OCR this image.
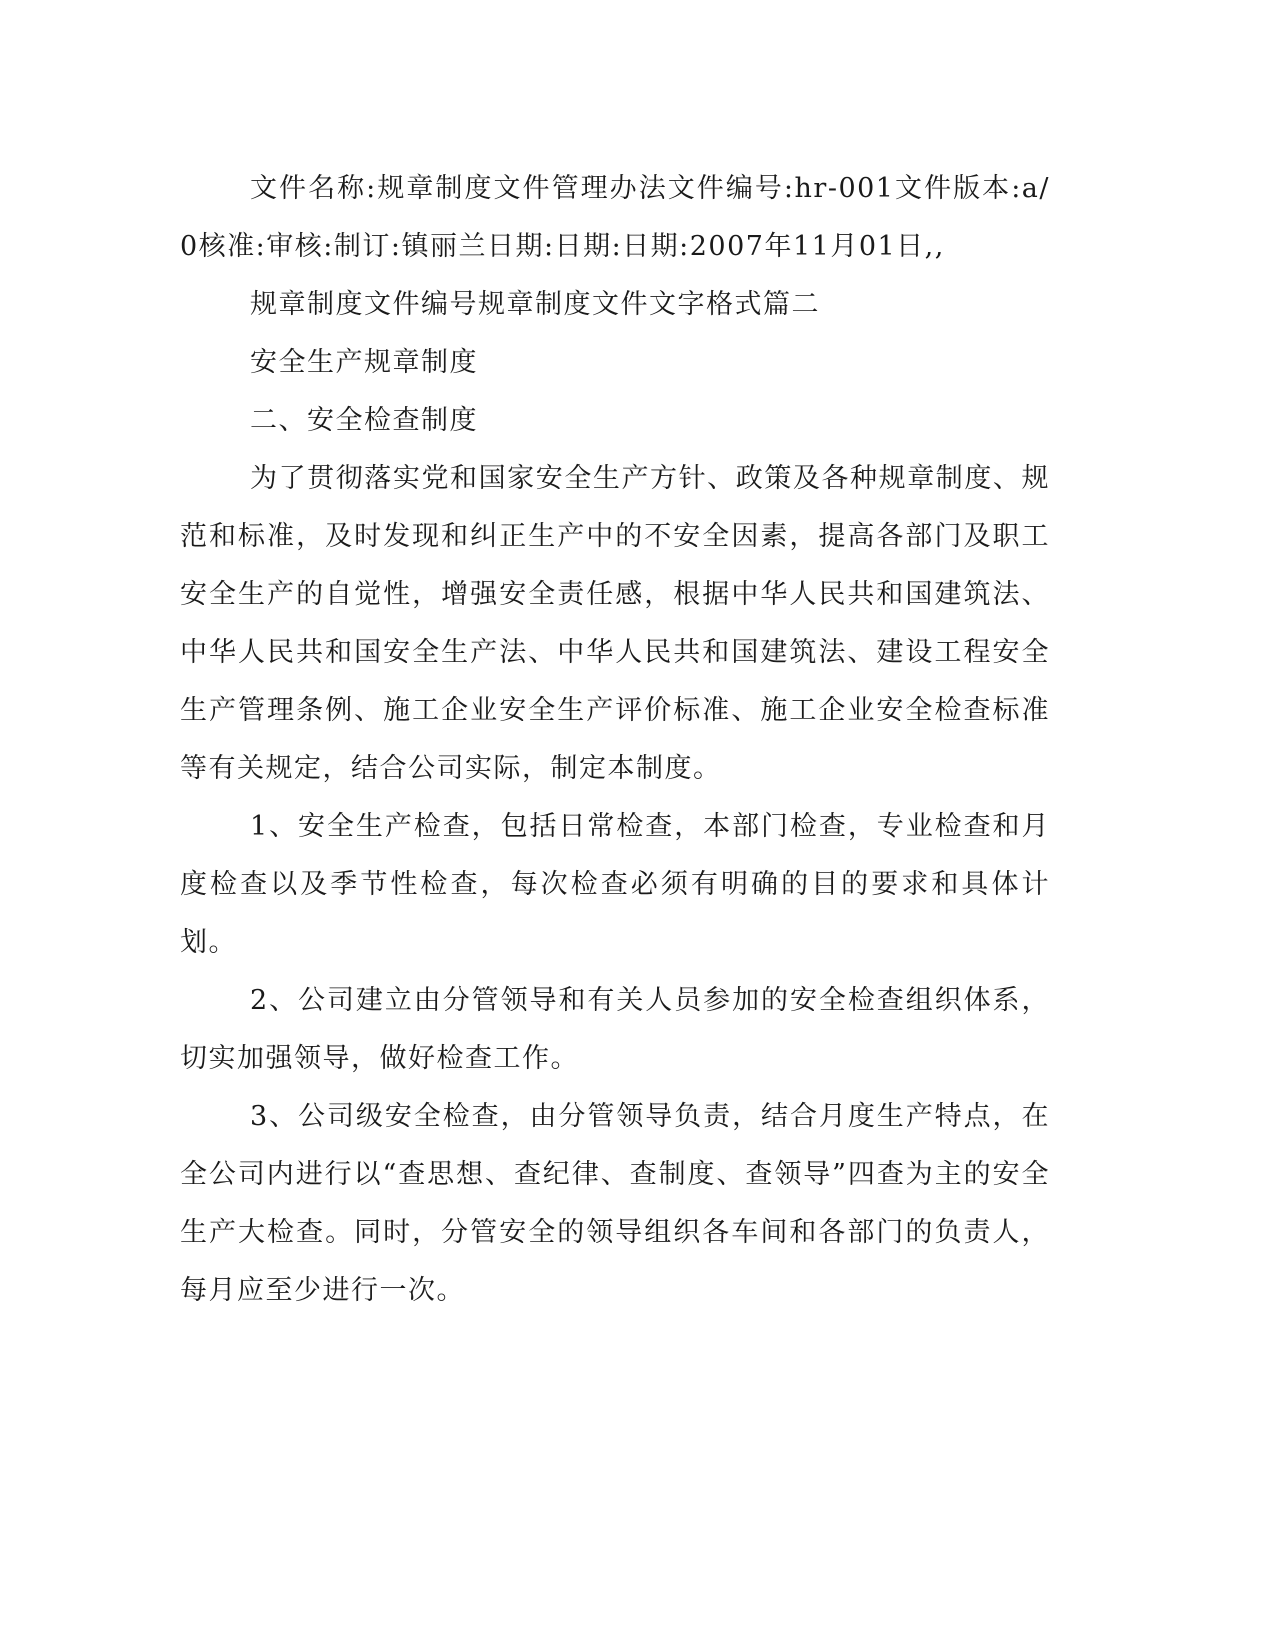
文件名称:规章制度文件管理办法文件编号:hr-001文件版本:a/0核准:审核:制订:镇丽兰日期:日期:日期:2007年11月01日,,

规章制度文件编号规章制度文件文字格式篇二

安全生产规章制度

二、安全检查制度

为了贯彻落实党和国家安全生产方针、政策及各种规章制度、规范和标准，及时发现和纠正生产中的不安全因素，提高各部门及职工安全生产的自觉性，增强安全责任感，根据中华人民共和国建筑法、中华人民共和国安全生产法、中华人民共和国建筑法、建设工程安全生产管理条例、施工企业安全生产评价标准、施工企业安全检查标准等有关规定，结合公司实际，制定本制度。

1、安全生产检查，包括日常检查，本部门检查，专业检查和月度检查以及季节性检查，每次检查必须有明确的目的要求和具体计划。

2、公司建立由分管领导和有关人员参加的安全检查组织体系，切实加强领导，做好检查工作。

3、公司级安全检查，由分管领导负责，结合月度生产特点，在全公司内进行以“查思想、查纪律、查制度、查领导”四查为主的安全生产大检查。同时，分管安全的领导组织各车间和各部门的负责人，每月应至少进行一次。
